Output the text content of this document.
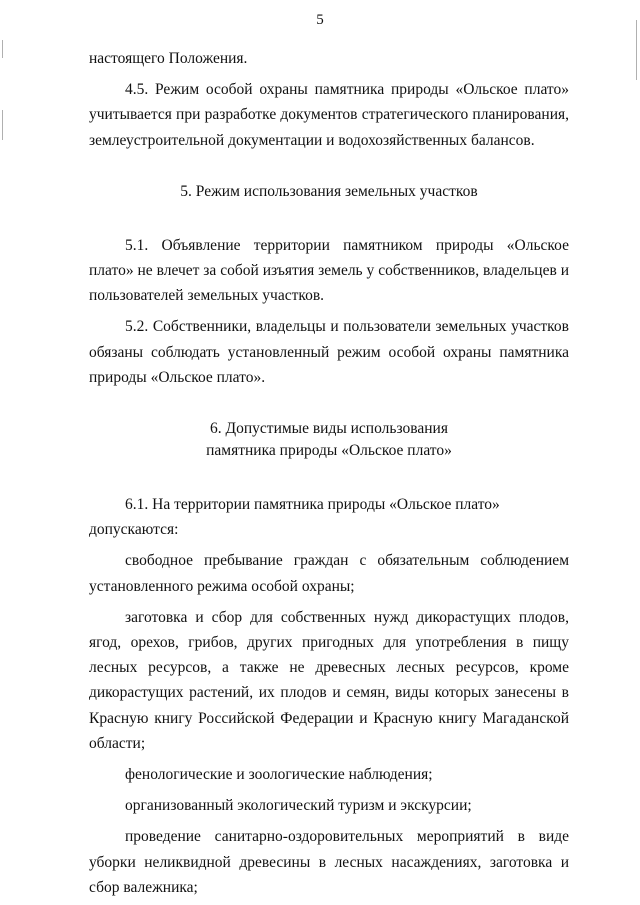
5

настоящего Положения.

4.5. Режим особой охраны памятника природы «Ольское плато» учитывается при разработке документов стратегического планирования, землеустроительной документации и водохозяйственных балансов.

5. Режим использования земельных участков

5.1. Объявление территории памятником природы «Ольское плато» не влечет за собой изъятия земель у собственников, владельцев и пользователей земельных участков.

5.2. Собственники, владельцы и пользователи земельных участков обязаны соблюдать установленный режим особой охраны памятника природы «Ольское плато».

6. Допустимые виды использования
памятника природы «Ольское плато»

6.1. На территории памятника природы «Ольское плато»

допускаются:

свободное пребывание граждан с обязательным соблюдением установленного режима особой охраны;

заготовка и сбор для собственных нужд дикорастущих плодов, ягод, орехов, грибов, других пригодных для употребления в пищу лесных ресурсов, а также не древесных лесных ресурсов, кроме дикорастущих растений, их плодов и семян, виды которых занесены в Красную книгу Российской Федерации и Красную книгу Магаданской области;

фенологические и зоологические наблюдения;

организованный экологический туризм и экскурсии;

проведение санитарно-оздоровительных мероприятий в виде уборки неликвидной древесины в лесных насаждениях, заготовка и сбор валежника;
